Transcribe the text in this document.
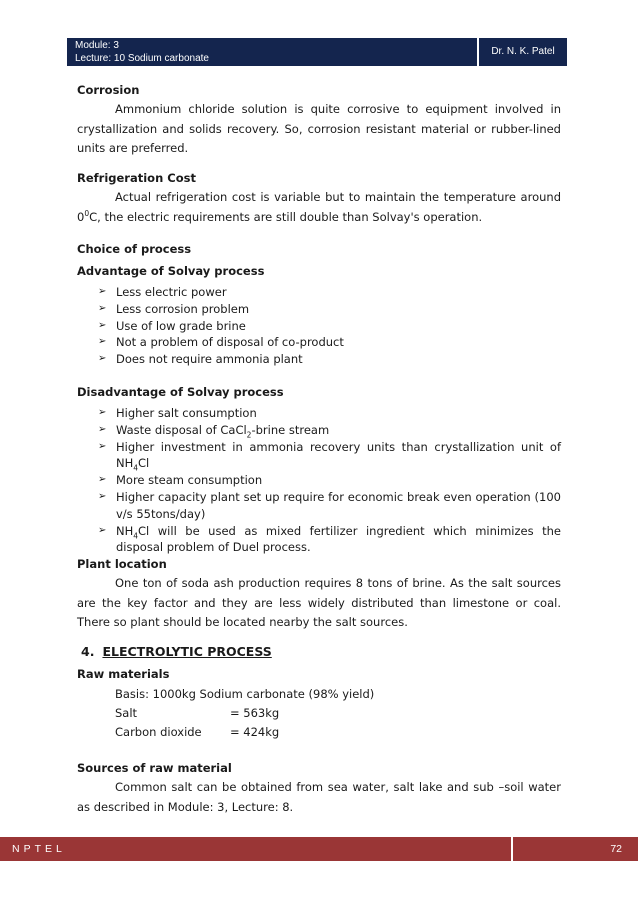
Module: 3
Lecture: 10 Sodium carbonate
Dr. N. K. Patel
Corrosion
Ammonium chloride solution is quite corrosive to equipment involved in crystallization and solids recovery. So, corrosion resistant material or rubber-lined units are preferred.
Refrigeration Cost
Actual refrigeration cost is variable but to maintain the temperature around $0^0C$, the electric requirements are still double than Solvay's operation.
Choice of process
Advantage of Solvay process
➢ Less electric power
➢ Less corrosion problem
➢ Use of low grade brine
➢ Not a problem of disposal of co-product
➢ Does not require ammonia plant
Disadvantage of Solvay process
➢ Higher salt consumption
➢ Waste disposal of CaCl$_2$-brine stream
➢ Higher investment in ammonia recovery units than crystallization unit of $NH_4Cl$
➢ More steam consumption
➢ Higher capacity plant set up require for economic break even operation (100 v/s 55tons/day)
➢ $NH_4Cl$ will be used as mixed fertilizer ingredient which minimizes the disposal problem of Duel process.
Plant location
One ton of soda ash production requires 8 tons of brine. As the salt sources are the key factor and they are less widely distributed than limestone or coal. There so plant should be located nearby the salt sources.
4. ELECTROLYTIC PROCESS
Raw materials
Basis: 1000kg Sodium carbonate (98% yield)
Salt	= 563kg
Carbon dioxide = 424kg
Sources of raw material
Common salt can be obtained from sea water, salt lake and sub –soil water as described in Module: 3, Lecture: 8.
NPTEL	72
